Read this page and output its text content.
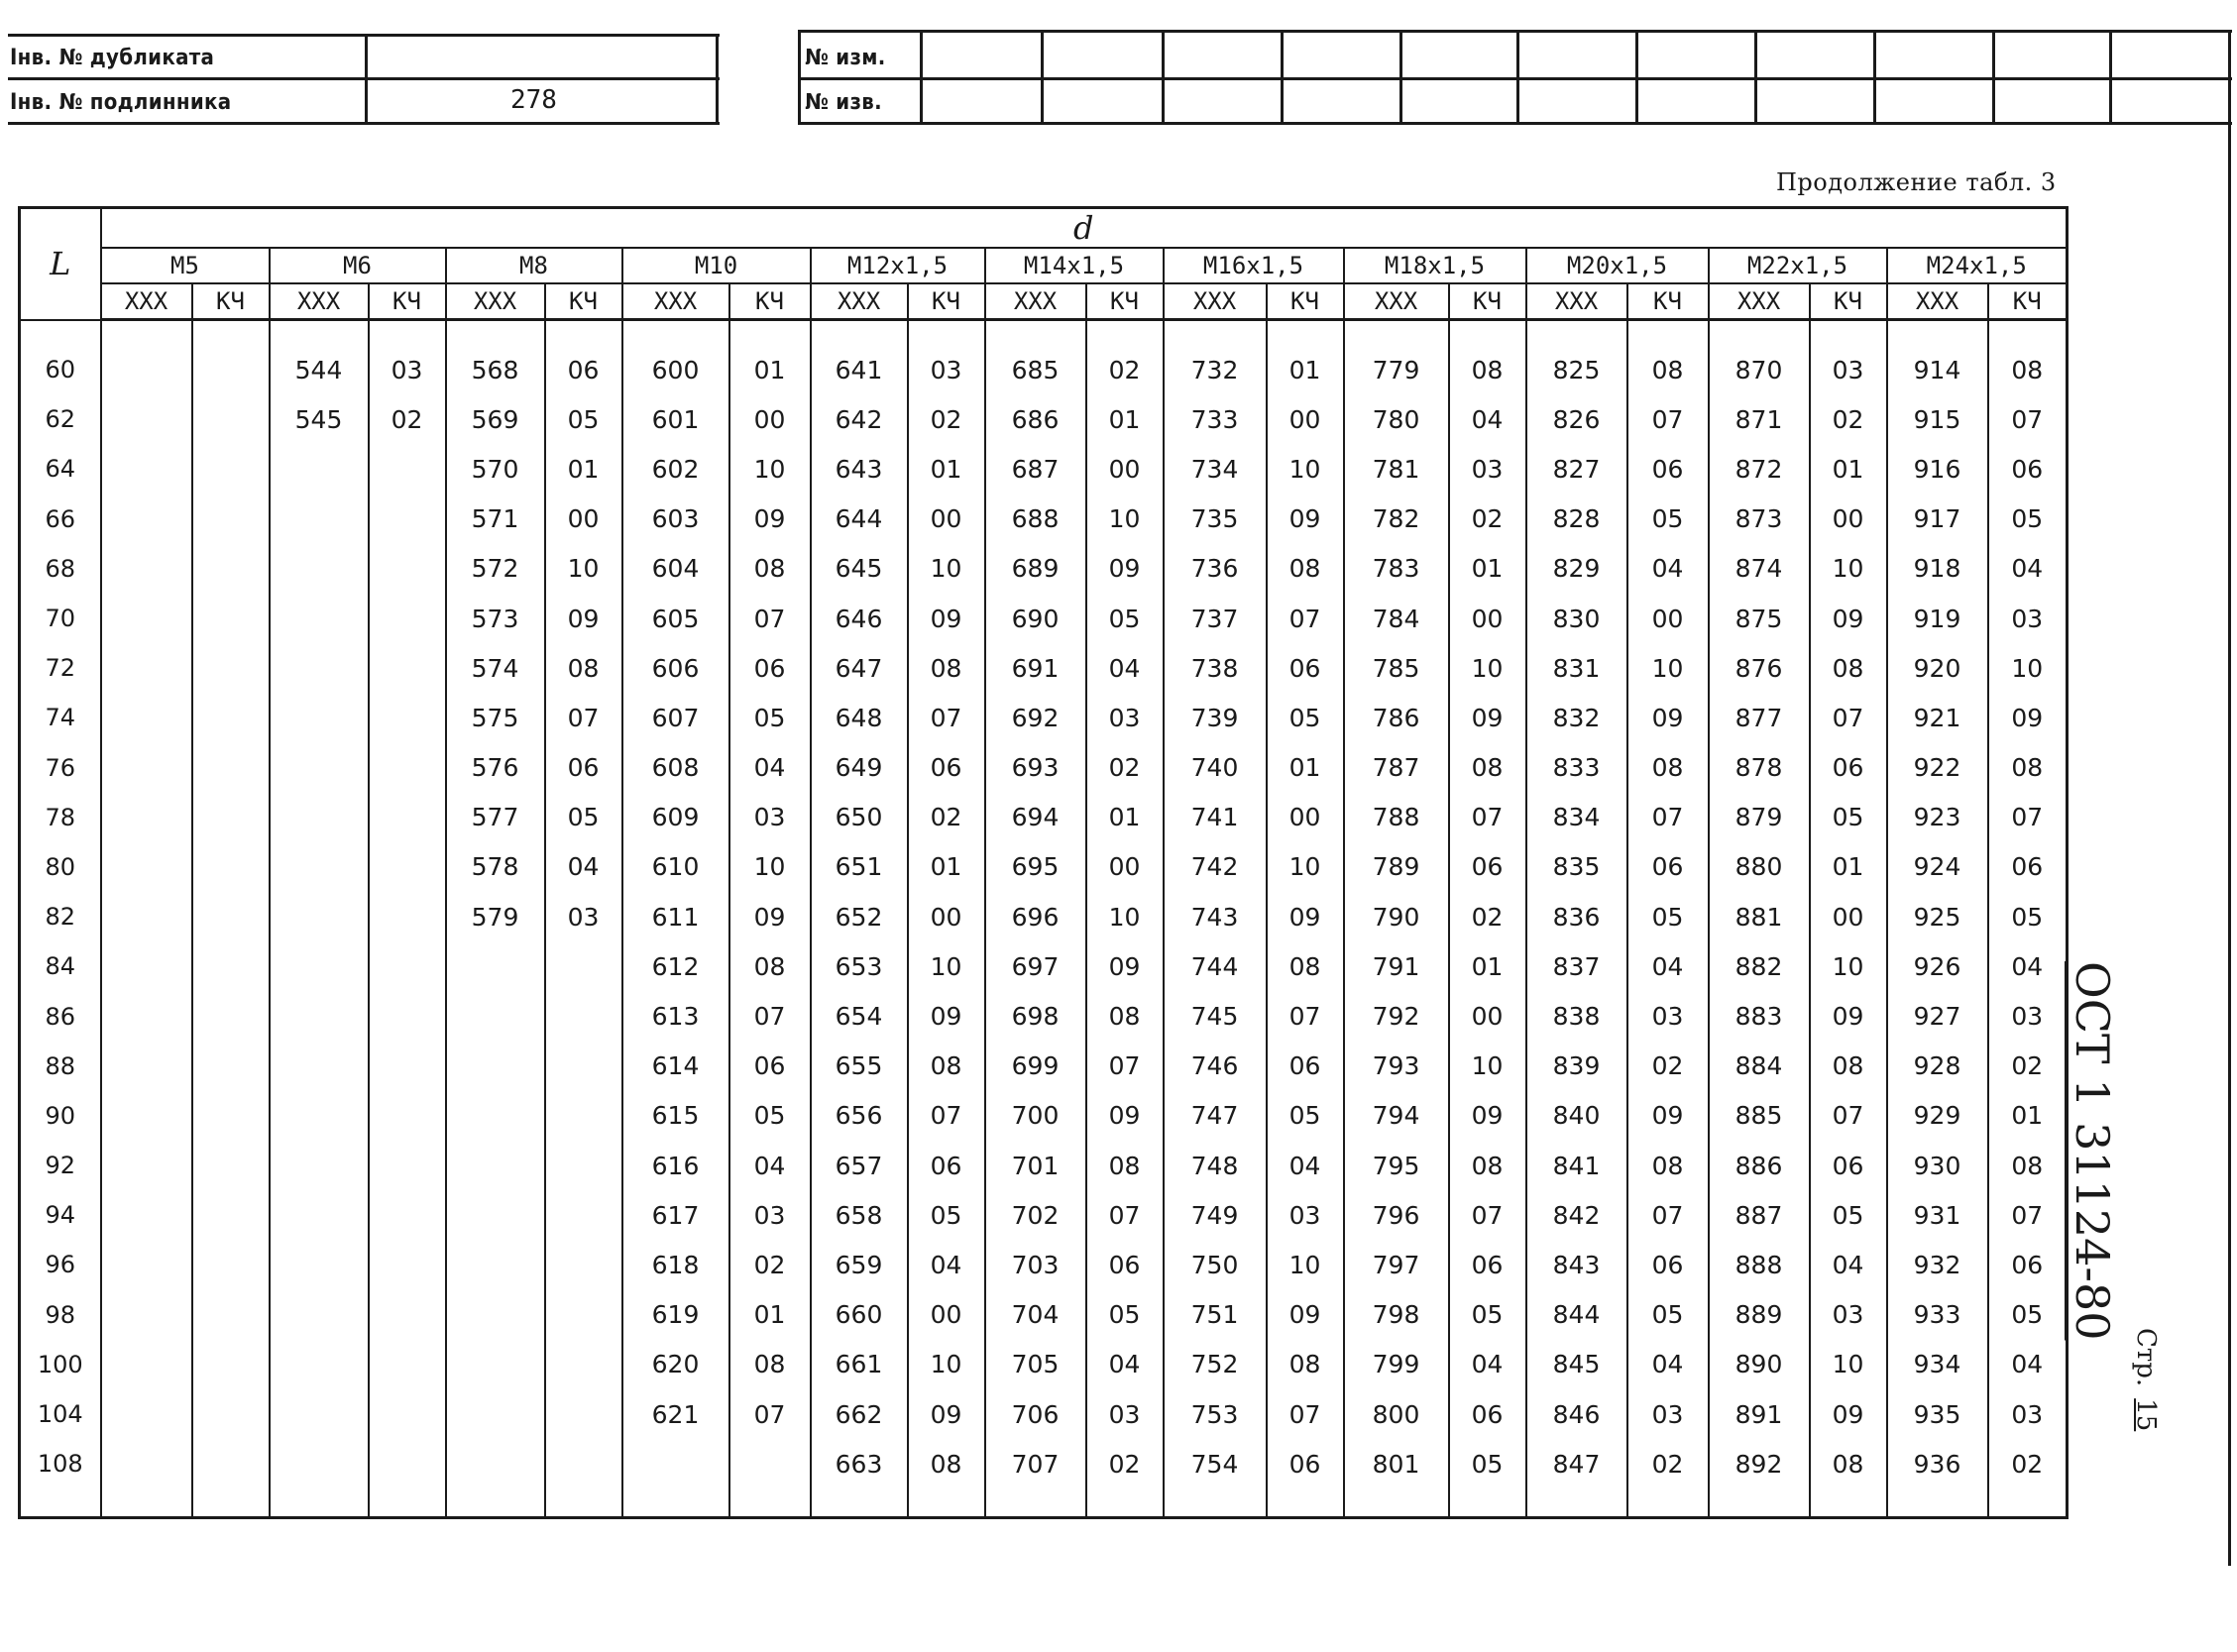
Інв. № дубликата
Інв. № подлинника	278
№ изм.
№ изв.
Продолжение табл. 3
L	d																					
	М5		М6		М8		М10		М12х1,5		М14х1,5		М16х1,5		М18х1,5		М20х1,5		М22х1,5		М24х1,5	
	XXX	КЧ	XXX	КЧ	XXX	КЧ	XXX	КЧ	XXX	КЧ	XXX	КЧ	XXX	КЧ	XXX	КЧ	XXX	КЧ	XXX	КЧ	XXX	КЧ

60			544	03	568	06	600	01	641	03	685	02	732	01	779	08	825	08	870	03	914	08
62			545	02	569	05	601	00	642	02	686	01	733	00	780	04	826	07	871	02	915	07
64					570	01	602	10	643	01	687	00	734	10	781	03	827	06	872	01	916	06
66					571	00	603	09	644	00	688	10	735	09	782	02	828	05	873	00	917	05
68					572	10	604	08	645	10	689	09	736	08	783	01	829	04	874	10	918	04
70					573	09	605	07	646	09	690	05	737	07	784	00	830	00	875	09	919	03
72					574	08	606	06	647	08	691	04	738	06	785	10	831	10	876	08	920	10
74					575	07	607	05	648	07	692	03	739	05	786	09	832	09	877	07	921	09
76					576	06	608	04	649	06	693	02	740	01	787	08	833	08	878	06	922	08
78					577	05	609	03	650	02	694	01	741	00	788	07	834	07	879	05	923	07
80					578	04	610	10	651	01	695	00	742	10	789	06	835	06	880	01	924	06
82					579	03	611	09	652	00	696	10	743	09	790	02	836	05	881	00	925	05
84							612	08	653	10	697	09	744	08	791	01	837	04	882	10	926	04
86							613	07	654	09	698	08	745	07	792	00	838	03	883	09	927	03
88							614	06	655	08	699	07	746	06	793	10	839	02	884	08	928	02
90							615	05	656	07	700	09	747	05	794	09	840	09	885	07	929	01
92							616	04	657	06	701	08	748	04	795	08	841	08	886	06	930	08
94							617	03	658	05	702	07	749	03	796	07	842	07	887	05	931	07
96							618	02	659	04	703	06	750	10	797	06	843	06	888	04	932	06
98							619	01	660	00	704	05	751	09	798	05	844	05	889	03	933	05
100							620	08	661	10	705	04	752	08	799	04	845	04	890	10	934	04
104							621	07	662	09	706	03	753	07	800	06	846	03	891	09	935	03
108									663	08	707	02	754	06	801	05	847	02	892	08	936	02

ОСТ 1 31124-80
Стр.15
